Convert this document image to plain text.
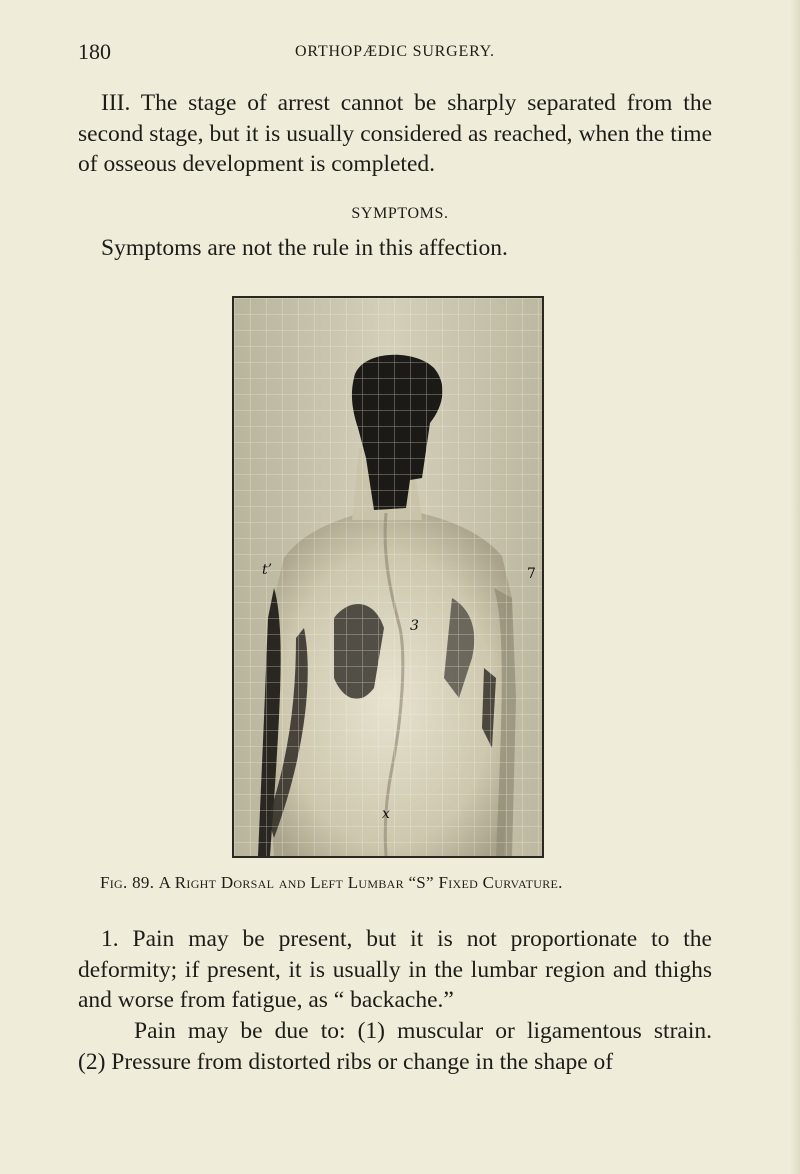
180	ORTHOPÆDIC SURGERY.

III. The stage of arrest cannot be sharply separated from the second stage, but it is usually considered as reached, when the time of osseous development is completed.

SYMPTOMS.

Symptoms are not the rule in this affection.

3
t’	7
x
Fig. 89. A Right Dorsal and Left Lumbar “S” Fixed Curvature.

1. Pain may be present, but it is not proportionate to the deformity; if present, it is usually in the lumbar region and thighs and worse from fatigue, as “ backache.”

Pain may be due to: (1) muscular or ligamentous strain.
(2) Pressure from distorted ribs or change in the shape of
